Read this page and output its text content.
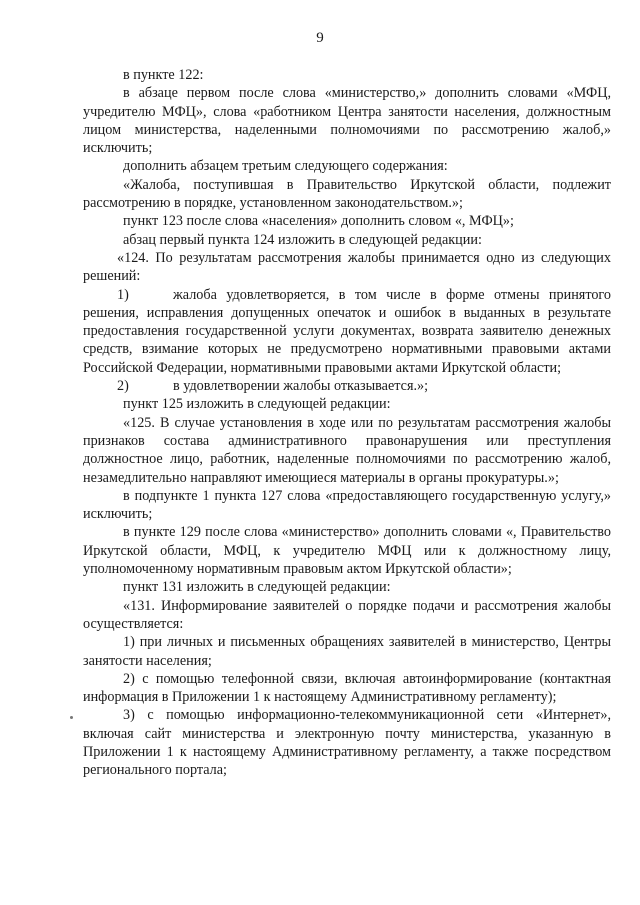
9

в пункте 122:

в абзаце первом после слова «министерство,» дополнить словами «МФЦ, учредителю МФЦ», слова «работником Центра занятости населения, должностным лицом министерства, наделенными полномочиями по рассмотрению жалоб,» исключить;

дополнить абзацем третьим следующего содержания:

«Жалоба, поступившая в Правительство Иркутской области, подлежит рассмотрению в порядке, установленном законодательством.»;

пункт 123 после слова «населения» дополнить словом «, МФЦ»;

абзац первый пункта 124 изложить в следующей редакции:

«124. По результатам рассмотрения жалобы принимается одно из следующих решений:

1)	жалоба удовлетворяется, в том числе в форме отмены принятого решения, исправления допущенных опечаток и ошибок в выданных в результате предоставления государственной услуги документах, возврата заявителю денежных средств, взимание которых не предусмотрено нормативными правовыми актами Российской Федерации, нормативными правовыми актами Иркутской области;

2)	в удовлетворении жалобы отказывается.»;

пункт 125 изложить в следующей редакции:

«125. В случае установления в ходе или по результатам рассмотрения жалобы признаков состава административного правонарушения или преступления должностное лицо, работник, наделенные полномочиями по рассмотрению жалоб, незамедлительно направляют имеющиеся материалы в органы прокуратуры.»;

в подпункте 1 пункта 127 слова «предоставляющего государственную услугу,» исключить;

в пункте 129 после слова «министерство» дополнить словами «, Правительство Иркутской области, МФЦ, к учредителю МФЦ или к должностному лицу, уполномоченному нормативным правовым актом Иркутской области»;

пункт 131 изложить в следующей редакции:

«131. Информирование заявителей о порядке подачи и рассмотрения жалобы осуществляется:

1) при личных и письменных обращениях заявителей в министерство, Центры занятости населения;

2) с помощью телефонной связи, включая автоинформирование (контактная информация в Приложении 1 к настоящему Административному регламенту);

3) с помощью информационно-телекоммуникационной сети «Интернет», включая сайт министерства и электронную почту министерства, указанную в Приложении 1 к настоящему Административному регламенту, а также посредством регионального портала;
